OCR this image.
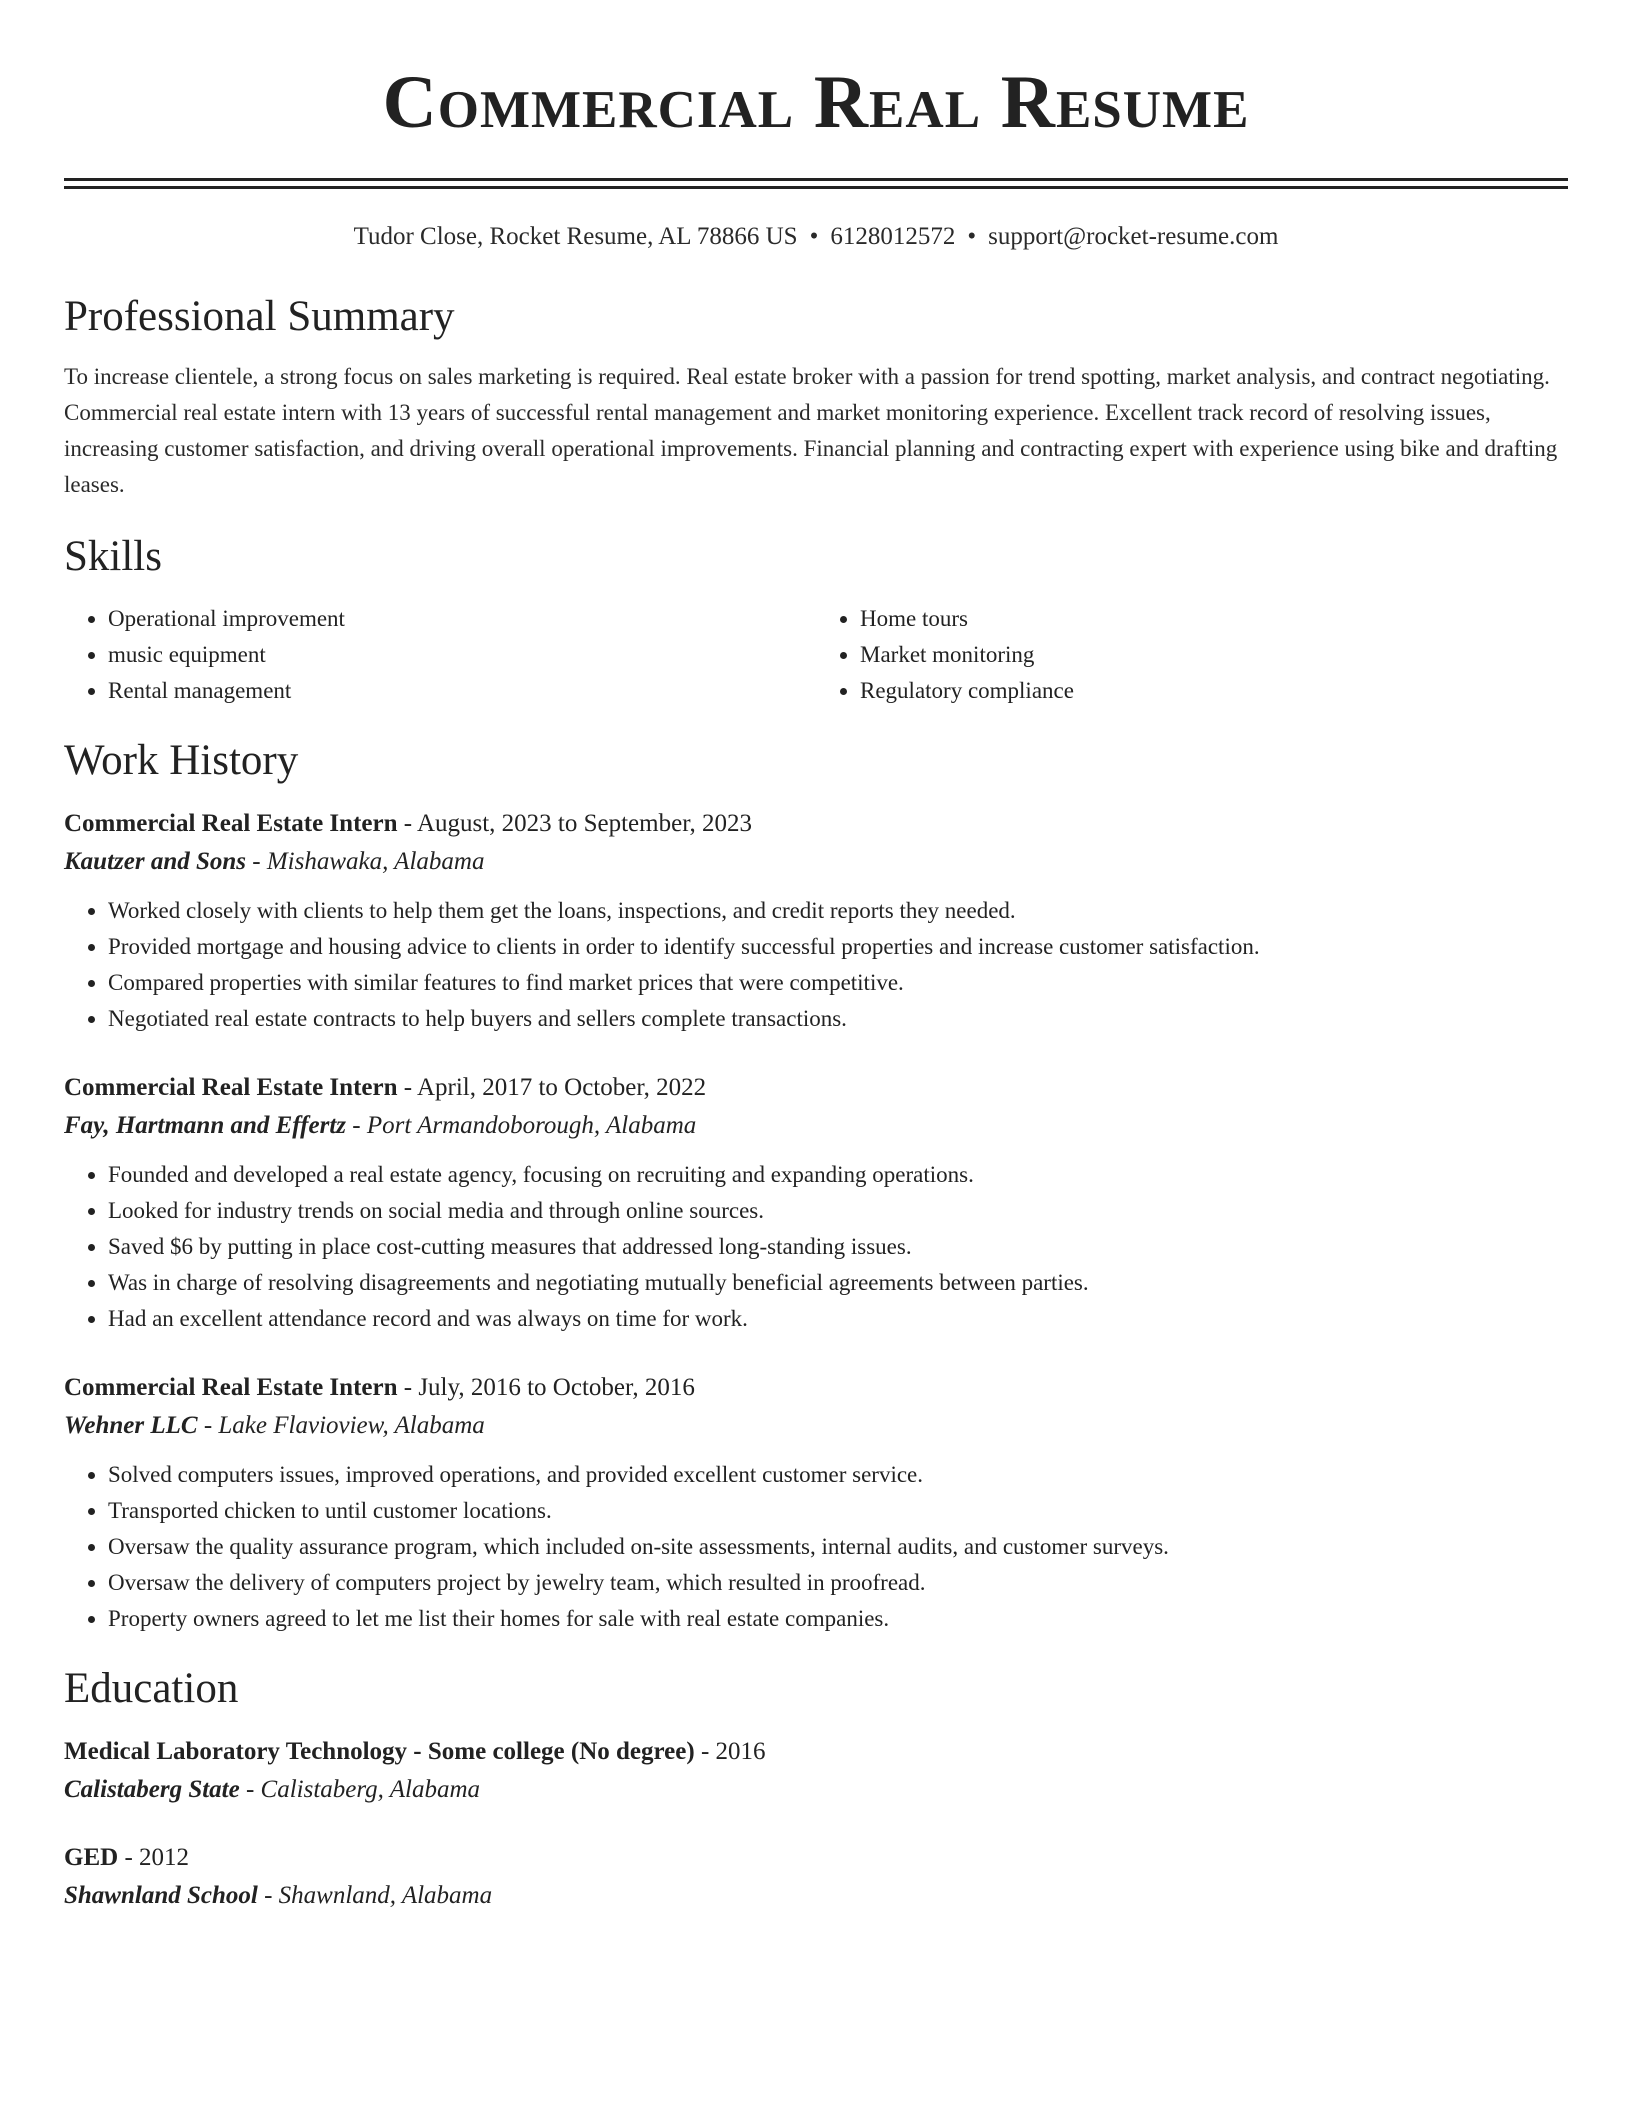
Commercial Real Resume
Tudor Close, Rocket Resume, AL 78866 US • 6128012572 • support@rocket-resume.com
Professional Summary

To increase clientele, a strong focus on sales marketing is required. Real estate broker with a passion for trend spotting, market analysis, and contract negotiating. Commercial real estate intern with 13 years of successful rental management and market monitoring experience. Excellent track record of resolving issues, increasing customer satisfaction, and driving overall operational improvements. Financial planning and contracting expert with experience using bike and drafting leases.

Skills
• Operational improvement
• music equipment
• Rental management
• Home tours
• Market monitoring
• Regulatory compliance
Work History
Commercial Real Estate Intern - August, 2023 to September, 2023
Kautzer and Sons - Mishawaka, Alabama
• Worked closely with clients to help them get the loans, inspections, and credit reports they needed.
• Provided mortgage and housing advice to clients in order to identify successful properties and increase customer satisfaction.
• Compared properties with similar features to find market prices that were competitive.
• Negotiated real estate contracts to help buyers and sellers complete transactions.
Commercial Real Estate Intern - April, 2017 to October, 2022
Fay, Hartmann and Effertz - Port Armandoborough, Alabama
• Founded and developed a real estate agency, focusing on recruiting and expanding operations.
• Looked for industry trends on social media and through online sources.
• Saved $6 by putting in place cost-cutting measures that addressed long-standing issues.
• Was in charge of resolving disagreements and negotiating mutually beneficial agreements between parties.
• Had an excellent attendance record and was always on time for work.
Commercial Real Estate Intern - July, 2016 to October, 2016
Wehner LLC - Lake Flavioview, Alabama
• Solved computers issues, improved operations, and provided excellent customer service.
• Transported chicken to until customer locations.
• Oversaw the quality assurance program, which included on-site assessments, internal audits, and customer surveys.
• Oversaw the delivery of computers project by jewelry team, which resulted in proofread.
• Property owners agreed to let me list their homes for sale with real estate companies.
Education
Medical Laboratory Technology - Some college (No degree) - 2016
Calistaberg State - Calistaberg, Alabama
GED - 2012
Shawnland School - Shawnland, Alabama
